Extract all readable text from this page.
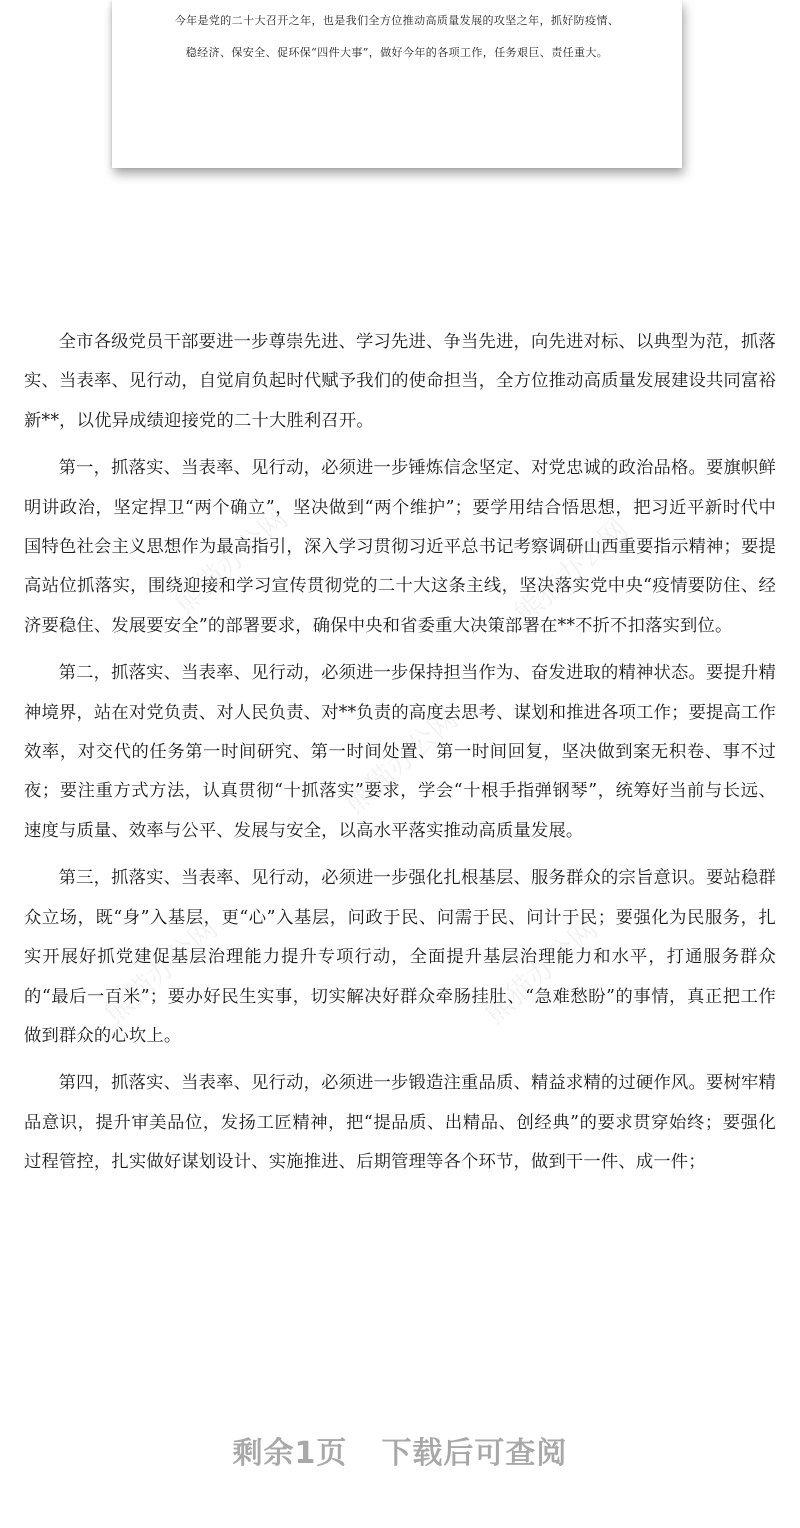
今年是党的二十大召开之年，也是我们全方位推动高质量发展的攻坚之年，抓好防疫情、
稳经济、保安全、促环保“四件大事”，做好今年的各项工作，任务艰巨、责任重大。

全市各级党员干部要进一步尊崇先进、学习先进、争当先进，向先进对标、以典型为范，抓落实、当表率、见行动，自觉肩负起时代赋予我们的使命担当，全方位推动高质量发展建设共同富裕新**，以优异成绩迎接党的二十大胜利召开。

第一，抓落实、当表率、见行动，必须进一步锤炼信念坚定、对党忠诚的政治品格。要旗帜鲜明讲政治，坚定捍卫“两个确立”，坚决做到“两个维护”；要学用结合悟思想，把习近平新时代中国特色社会主义思想作为最高指引，深入学习贯彻习近平总书记考察调研山西重要指示精神；要提高站位抓落实，围绕迎接和学习宣传贯彻党的二十大这条主线，坚决落实党中央“疫情要防住、经济要稳住、发展要安全”的部署要求，确保中央和省委重大决策部署在**不折不扣落实到位。

第二，抓落实、当表率、见行动，必须进一步保持担当作为、奋发进取的精神状态。要提升精神境界，站在对党负责、对人民负责、对**负责的高度去思考、谋划和推进各项工作；要提高工作效率，对交代的任务第一时间研究、第一时间处置、第一时间回复，坚决做到案无积卷、事不过夜；要注重方式方法，认真贯彻“十抓落实”要求，学会“十根手指弹钢琴”，统筹好当前与长远、速度与质量、效率与公平、发展与安全，以高水平落实推动高质量发展。

第三，抓落实、当表率、见行动，必须进一步强化扎根基层、服务群众的宗旨意识。要站稳群众立场，既“身”入基层，更“心”入基层，问政于民、问需于民、问计于民；要强化为民服务，扎实开展好抓党建促基层治理能力提升专项行动，全面提升基层治理能力和水平，打通服务群众的“最后一百米”；要办好民生实事，切实解决好群众牵肠挂肚、“急难愁盼”的事情，真正把工作做到群众的心坎上。

第四，抓落实、当表率、见行动，必须进一步锻造注重品质、精益求精的过硬作风。要树牢精品意识，提升审美品位，发扬工匠精神，把“提品质、出精品、创经典”的要求贯穿始终；要强化过程管控，扎实做好谋划设计、实施推进、后期管理等各个环节，做到干一件、成一件；

熊猫办公网	熊猫办公网
熊猫办公网
熊猫办公网	熊猫办公网
剩余1页 下载后可查阅
